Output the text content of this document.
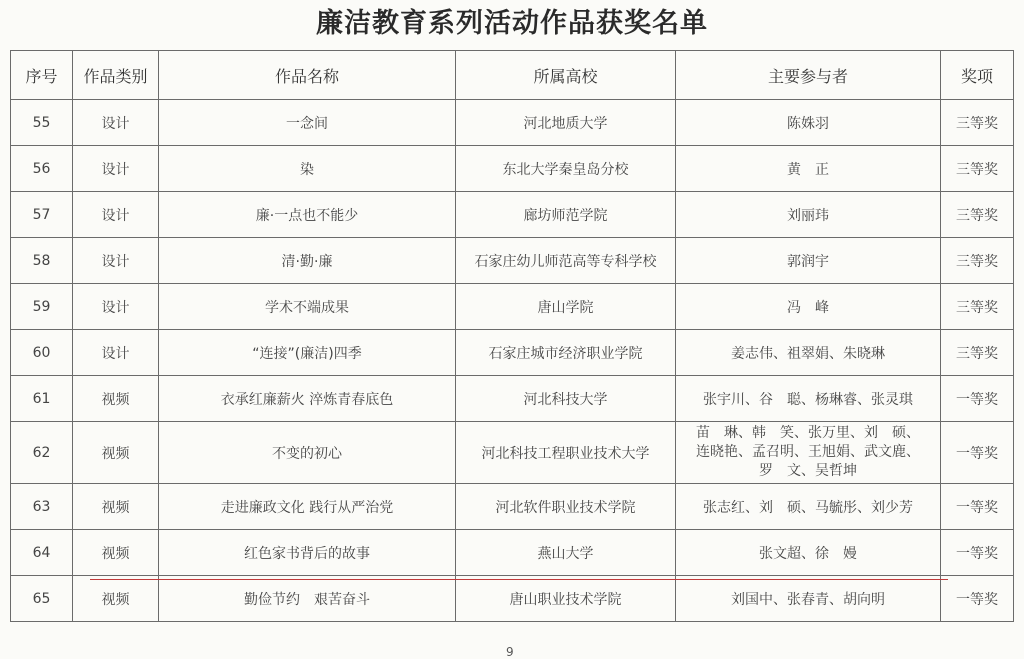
廉洁教育系列活动作品获奖名单
序号	作品类别	作品名称	所属高校	主要参与者	奖项
55	设计	一念间	河北地质大学	陈姝羽	三等奖
56	设计	染	东北大学秦皇岛分校	黄　正	三等奖
57	设计	廉·一点也不能少	廊坊师范学院	刘丽玮	三等奖
58	设计	清·勤·廉	石家庄幼儿师范高等专科学校	郭润宇	三等奖
59	设计	学术不端成果	唐山学院	冯　峰	三等奖
60	设计	“连接”(廉洁)四季	石家庄城市经济职业学院	姜志伟、祖翠娟、朱晓琳	三等奖
61	视频	衣承红廉薪火 淬炼青春底色	河北科技大学	张宇川、谷　聪、杨琳睿、张灵琪	一等奖
62	视频	不变的初心	河北科技工程职业技术大学	苗　琳、韩　笑、张万里、刘　硕、
连晓艳、孟召明、王旭娟、武文鹿、
罗　文、吴哲坤	一等奖
63	视频	走进廉政文化 践行从严治党	河北软件职业技术学院	张志红、刘　硕、马毓彤、刘少芳	一等奖
64	视频	红色家书背后的故事	燕山大学	张文超、徐　嫚	一等奖
65	视频	勤俭节约　艰苦奋斗	唐山职业技术学院	刘国中、张春青、胡向明	一等奖
9
